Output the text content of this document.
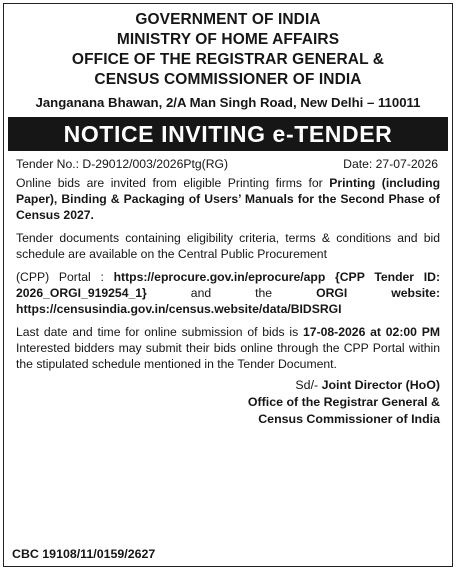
GOVERNMENT OF INDIA
MINISTRY OF HOME AFFAIRS
OFFICE OF THE REGISTRAR GENERAL &
CENSUS COMMISSIONER OF INDIA
Janganana Bhawan, 2/A Man Singh Road, New Delhi – 110011
NOTICE INVITING e-TENDER
Tender No.: D-29012/003/2026Ptg(RG)	Date: 27-07-2026

Online bids are invited from eligible Printing firms for Printing (including Paper), Binding & Packaging of Users’ Manuals for the Second Phase of Census 2027.

Tender documents containing eligibility criteria, terms & conditions and bid schedule are available on the Central Public Procurement

(CPP) Portal : https://eprocure.gov.in/eprocure/app {CPP Tender ID: 2026_ORGI_919254_1} and the ORGI website: https://censusindia.gov.in/census.website/data/BIDSRGI

Last date and time for online submission of bids is 17-08-2026 at 02:00 PM Interested bidders may submit their bids online through the CPP Portal within the stipulated schedule mentioned in the Tender Document.

Sd/- Joint Director (HoO)
Office of the Registrar General &
Census Commissioner of India
CBC 19108/11/0159/2627
